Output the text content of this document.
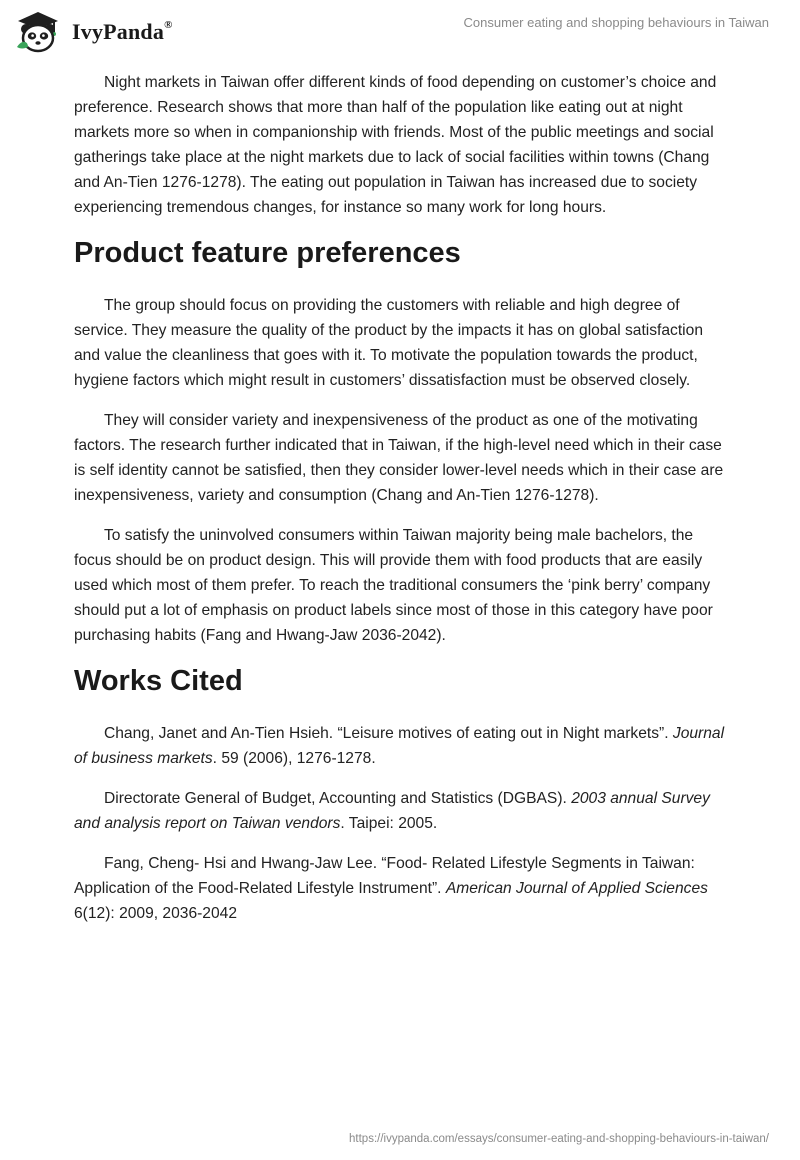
IvyPanda®	Consumer eating and shopping behaviours in Taiwan

Night markets in Taiwan offer different kinds of food depending on customer’s choice and preference. Research shows that more than half of the population like eating out at night markets more so when in companionship with friends. Most of the public meetings and social gatherings take place at the night markets due to lack of social facilities within towns (Chang and An-Tien 1276-1278). The eating out population in Taiwan has increased due to society experiencing tremendous changes, for instance so many work for long hours.

Product feature preferences

The group should focus on providing the customers with reliable and high degree of service. They measure the quality of the product by the impacts it has on global satisfaction and value the cleanliness that goes with it. To motivate the population towards the product, hygiene factors which might result in customers’ dissatisfaction must be observed closely.

They will consider variety and inexpensiveness of the product as one of the motivating factors. The research further indicated that in Taiwan, if the high-level need which in their case is self identity cannot be satisfied, then they consider lower-level needs which in their case are inexpensiveness, variety and consumption (Chang and An-Tien 1276-1278).

To satisfy the uninvolved consumers within Taiwan majority being male bachelors, the focus should be on product design. This will provide them with food products that are easily used which most of them prefer. To reach the traditional consumers the ‘pink berry’ company should put a lot of emphasis on product labels since most of those in this category have poor purchasing habits (Fang and Hwang-Jaw 2036-2042).

Works Cited

Chang, Janet and An-Tien Hsieh. “Leisure motives of eating out in Night markets”. Journal of business markets. 59 (2006), 1276-1278.

Directorate General of Budget, Accounting and Statistics (DGBAS). 2003 annual Survey and analysis report on Taiwan vendors. Taipei: 2005.

Fang, Cheng- Hsi and Hwang-Jaw Lee. “Food- Related Lifestyle Segments in Taiwan: Application of the Food-Related Lifestyle Instrument”. American Journal of Applied Sciences 6(12): 2009, 2036-2042

https://ivypanda.com/essays/consumer-eating-and-shopping-behaviours-in-taiwan/
